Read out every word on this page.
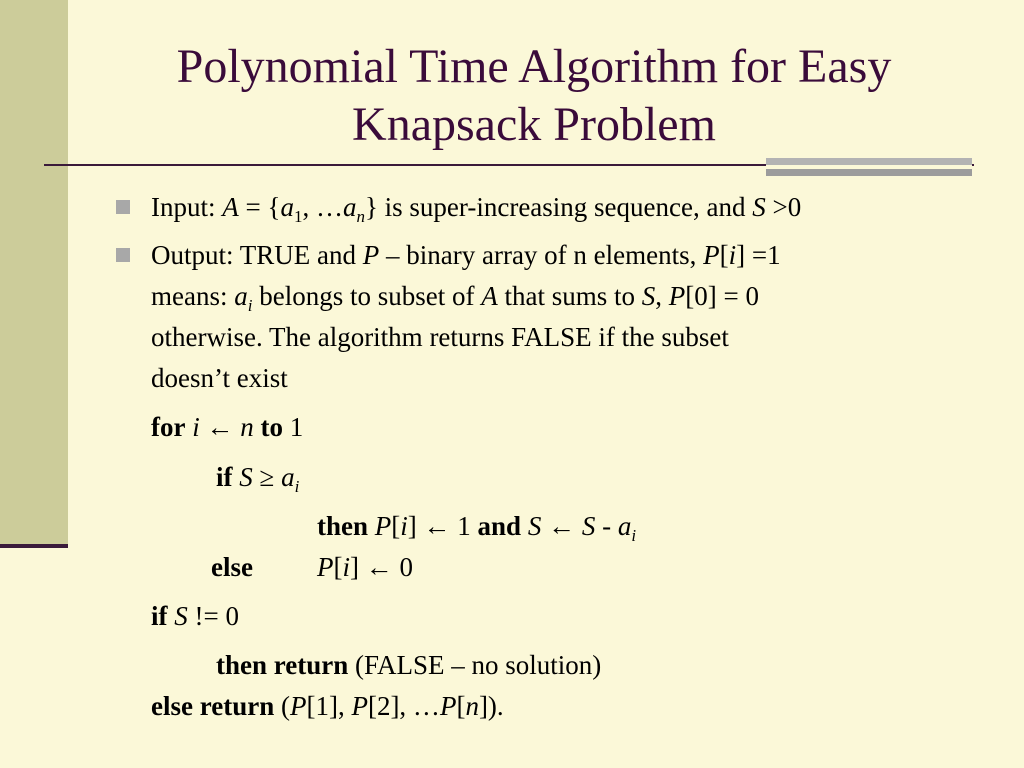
Polynomial Time Algorithm for Easy
Knapsack Problem
Input: $A = \{a_1$, $\dots a_n$} is super-increasing sequence, and S >0
Output: TRUE and P – binary array of n elements, P[i] =1
means: $a_i$ belongs to subset of A that sums to S, P[0] = 0
otherwise. The algorithm returns FALSE if the subset
doesn’t exist
for i ← n to 1
if $S \ge a_i$
then P[i] ← 1 and S ← S - $a_i$
else P[i] ← 0
if S != 0
then return (FALSE – no solution)
else return (P[1], P[2], …P[n]).
